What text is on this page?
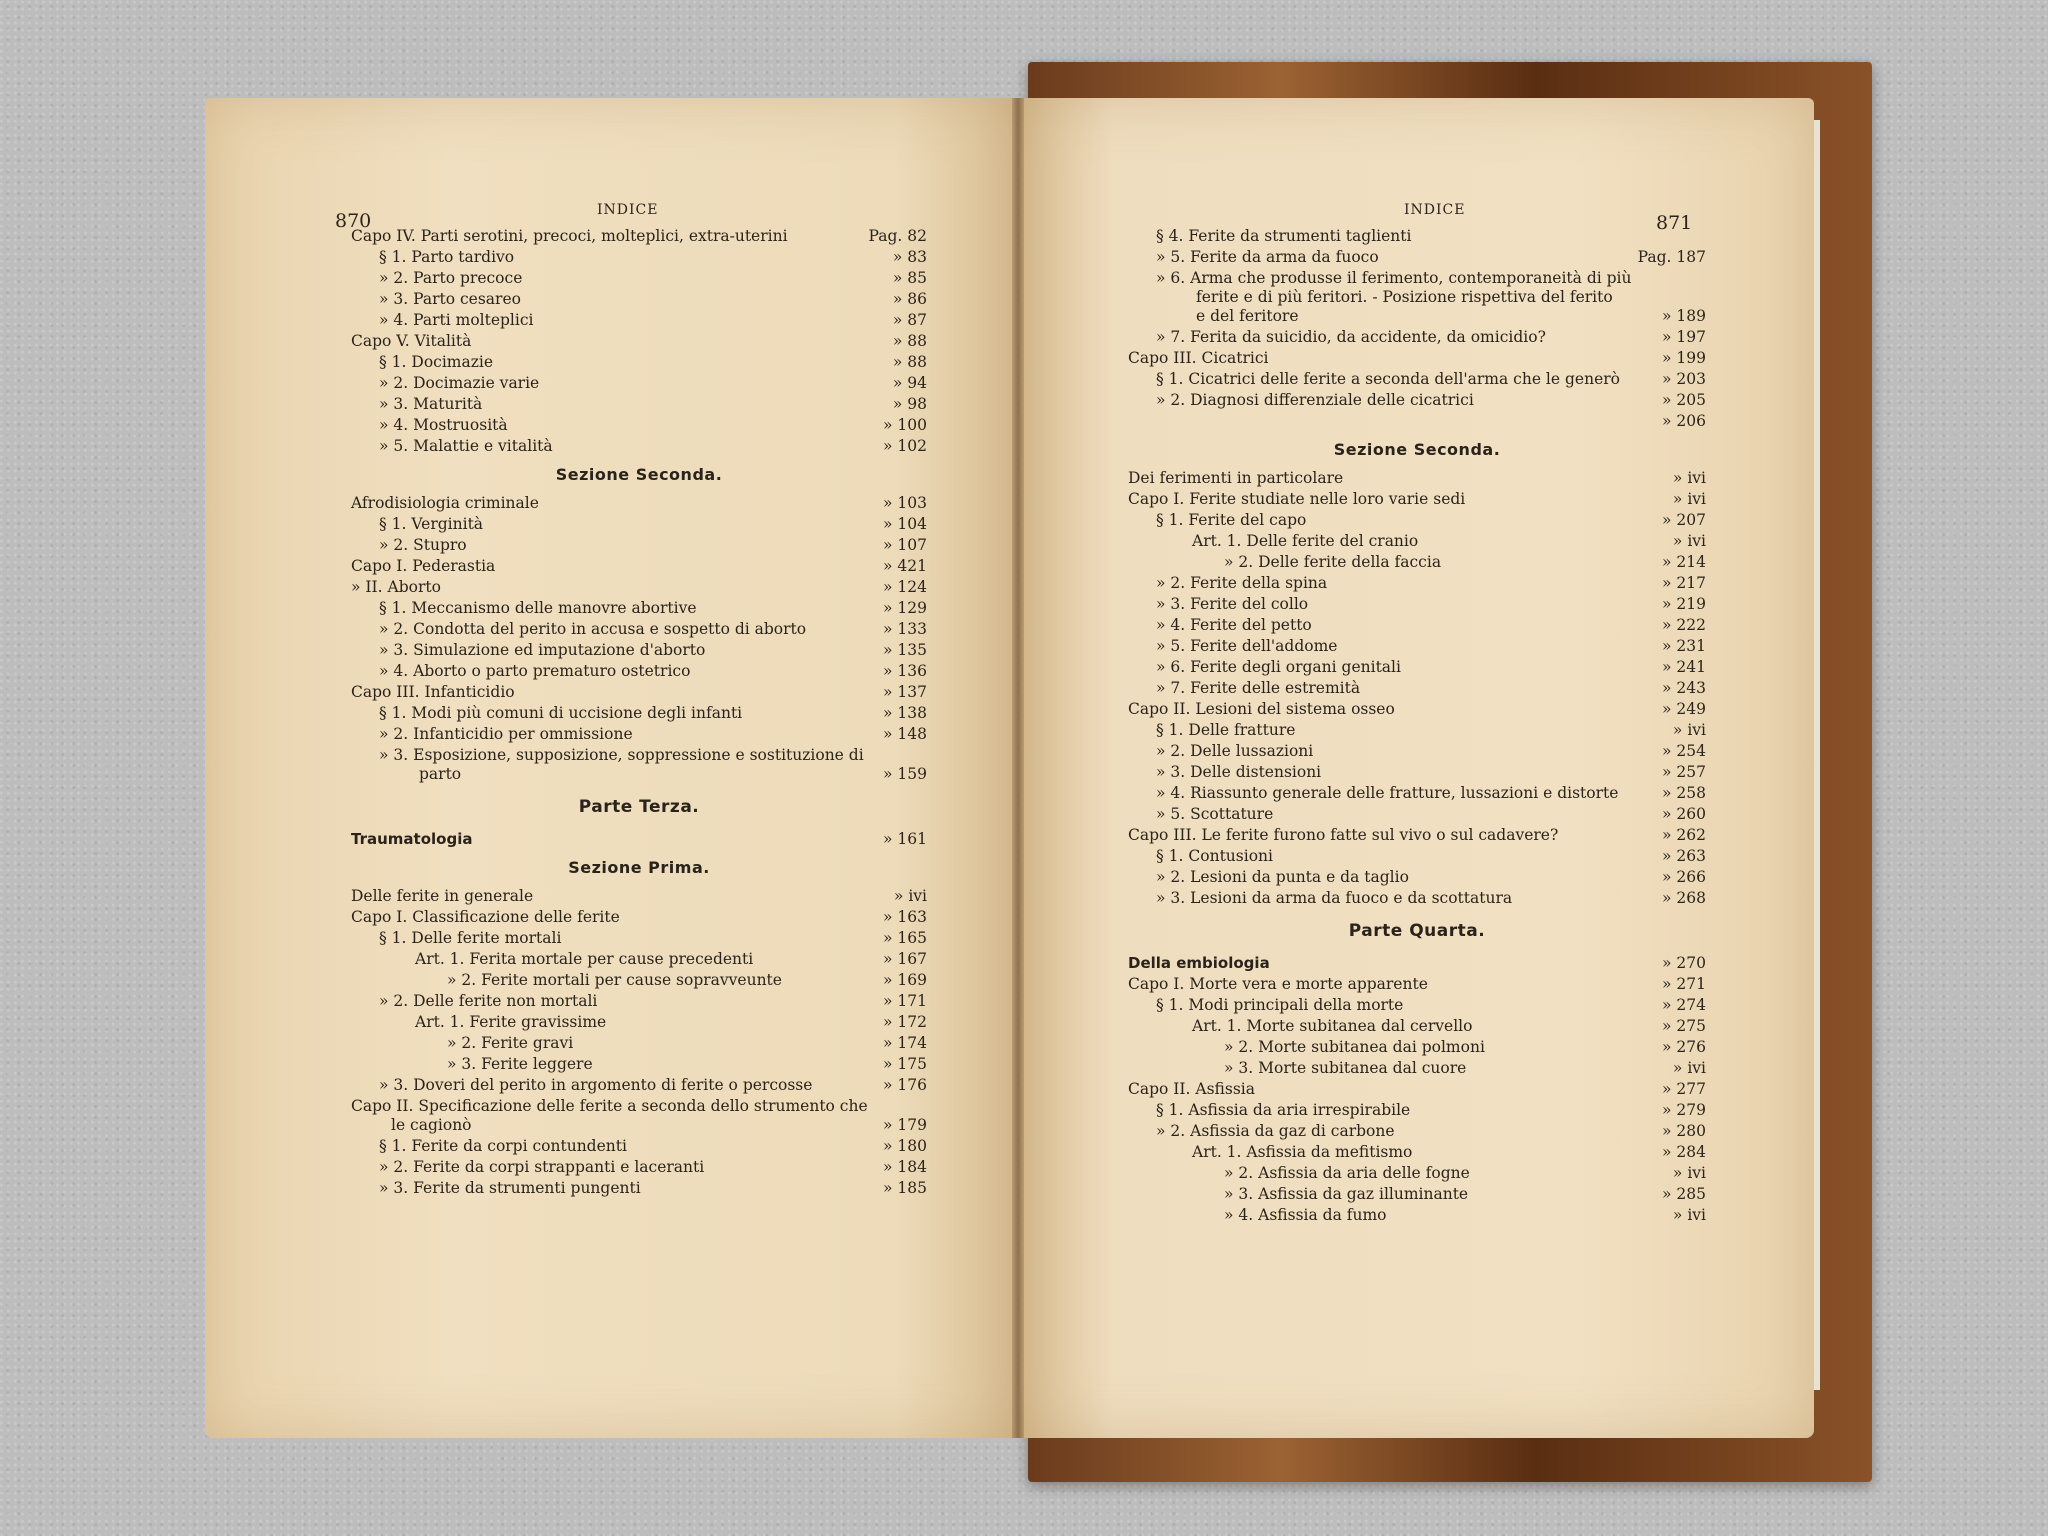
870	INDICE
Capo IV. Parti serotini, precoci, molteplici, extra-uterini	Pag. 82
§ 1. Parto tardivo	» 83
» 2. Parto precoce	» 85
» 3. Parto cesareo	» 86
» 4. Parti molteplici	» 87
Capo V. Vitalità	» 88
§ 1. Docimazie	» 88
» 2. Docimazie varie	» 94
» 3. Maturità	» 98
» 4. Mostruosità	» 100
» 5. Malattie e vitalità	» 102
Sezione Seconda.
Afrodisiologia criminale	» 103
§ 1. Verginità	» 104
» 2. Stupro	» 107
Capo I. Pederastia	» 421
» II. Aborto	» 124
§ 1. Meccanismo delle manovre abortive	» 129
» 2. Condotta del perito in accusa e sospetto di aborto	» 133
» 3. Simulazione ed imputazione d'aborto	» 135
» 4. Aborto o parto prematuro ostetrico	» 136
Capo III. Infanticidio	» 137
§ 1. Modi più comuni di uccisione degli infanti	» 138
» 2. Infanticidio per ommissione	» 148
» 3. Esposizione, supposizione, soppressione e sostituzione di
parto	» 159
Parte Terza.
Traumatologia	» 161
Sezione Prima.
Delle ferite in generale	» ivi
Capo I. Classificazione delle ferite	» 163
§ 1. Delle ferite mortali	» 165
Art. 1. Ferita mortale per cause precedenti	» 167
» 2. Ferite mortali per cause sopravveunte	» 169
» 2. Delle ferite non mortali	» 171
Art. 1. Ferite gravissime	» 172
» 2. Ferite gravi	» 174
» 3. Ferite leggere	» 175
» 3. Doveri del perito in argomento di ferite o percosse	» 176
Capo II. Specificazione delle ferite a seconda dello strumento che
le cagionò	» 179
§ 1. Ferite da corpi contundenti	» 180
» 2. Ferite da corpi strappanti e laceranti	» 184
» 3. Ferite da strumenti pungenti	» 185
INDICE
871
§ 4. Ferite da strumenti taglienti
» 5. Ferite da arma da fuoco	Pag. 187
» 6. Arma che produsse il ferimento, contemporaneità di più
ferite e di più feritori. - Posizione rispettiva del ferito
e del feritore	» 189
» 7. Ferita da suicidio, da accidente, da omicidio?	» 197
Capo III. Cicatrici	» 199
§ 1. Cicatrici delle ferite a seconda dell'arma che le generò	» 203
» 2. Diagnosi differenziale delle cicatrici	» 205
» 206
Sezione Seconda.
Dei ferimenti in particolare	» ivi
Capo I. Ferite studiate nelle loro varie sedi	» ivi
§ 1. Ferite del capo	» 207
Art. 1. Delle ferite del cranio	» ivi
» 2. Delle ferite della faccia	» 214
» 2. Ferite della spina	» 217
» 3. Ferite del collo	» 219
» 4. Ferite del petto	» 222
» 5. Ferite dell'addome	» 231
» 6. Ferite degli organi genitali	» 241
» 7. Ferite delle estremità	» 243
Capo II. Lesioni del sistema osseo	» 249
§ 1. Delle fratture	» ivi
» 2. Delle lussazioni	» 254
» 3. Delle distensioni	» 257
» 4. Riassunto generale delle fratture, lussazioni e distorte	» 258
» 5. Scottature	» 260
Capo III. Le ferite furono fatte sul vivo o sul cadavere?	» 262
§ 1. Contusioni	» 263
» 2. Lesioni da punta e da taglio	» 266
» 3. Lesioni da arma da fuoco e da scottatura	» 268
Parte Quarta.
Della embiologia	» 270
Capo I. Morte vera e morte apparente	» 271
§ 1. Modi principali della morte	» 274
Art. 1. Morte subitanea dal cervello	» 275
» 2. Morte subitanea dai polmoni	» 276
» 3. Morte subitanea dal cuore	» ivi
Capo II. Asfissia	» 277
§ 1. Asfissia da aria irrespirabile	» 279
» 2. Asfissia da gaz di carbone	» 280
Art. 1. Asfissia da mefitismo	» 284
» 2. Asfissia da aria delle fogne	» ivi
» 3. Asfissia da gaz illuminante	» 285
» 4. Asfissia da fumo	» ivi
